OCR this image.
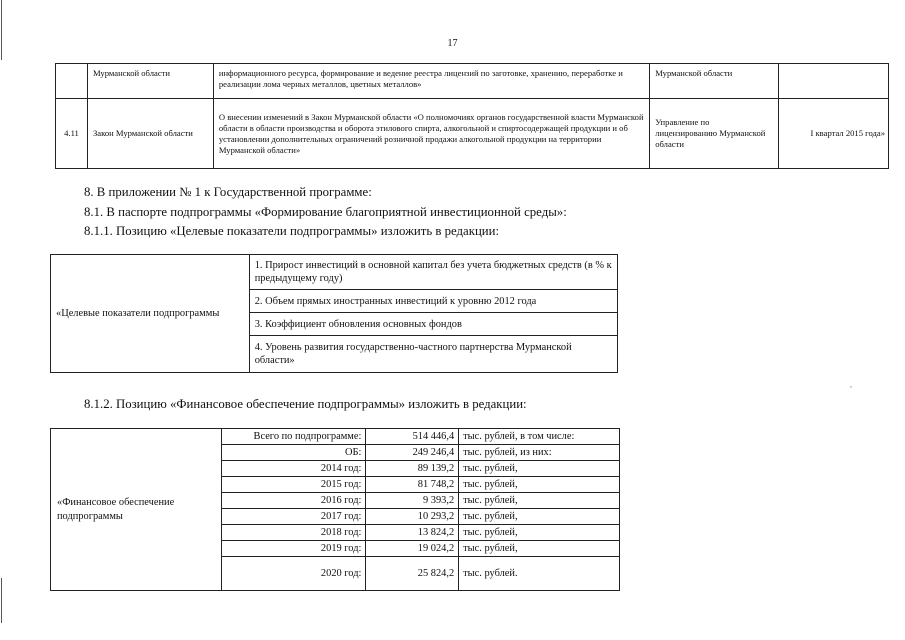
17
	Мурманской области	информационного ресурса, формирование и ведение реестра лицензий по заготовке, хранению, переработке и реализации лома черных металлов, цветных металлов»	Мурманской области	
4.11	Закон Мурманской области	О внесении изменений в Закон Мурманской области «О полномочиях органов государственной власти Мурманской области в области производства и оборота этилового спирта, алкогольной и спиртосодержащей продукции и об установлении дополнительных ограничений розничной продажи алкогольной продукции на территории Мурманской области»	Управление по лицензированию Мурманской области	I квартал 2015 года»
8. В приложении № 1 к Государственной программе:
8.1. В паспорте подпрограммы «Формирование благоприятной инвестиционной среды»:
8.1.1. Позицию «Целевые показатели подпрограммы» изложить в редакции:
«Целевые показатели подпрограммы	1. Прирост инвестиций в основной капитал без учета бюджетных средств (в % к предыдущему году)
2. Объем прямых иностранных инвестиций к уровню 2012 года
3. Коэффициент обновления основных фондов
4. Уровень развития государственно-частного партнерства Мурманской области»
,
8.1.2. Позицию «Финансовое обеспечение подпрограммы» изложить в редакции:
«Финансовое обеспечение подпрограммы	Всего по подпрограмме:	514 446,4	тыс. рублей, в том числе:
	ОБ:	249 246,4	тыс. рублей, из них:
	2014 год:	89 139,2	тыс. рублей,
	2015 год:	81 748,2	тыс. рублей,
	2016 год:	9 393,2	тыс. рублей,
	2017 год:	10 293,2	тыс. рублей,
	2018 год:	13 824,2	тыс. рублей,
	2019 год:	19 024,2	тыс. рублей,
	2020 год:	25 824,2	тыс. рублей.
